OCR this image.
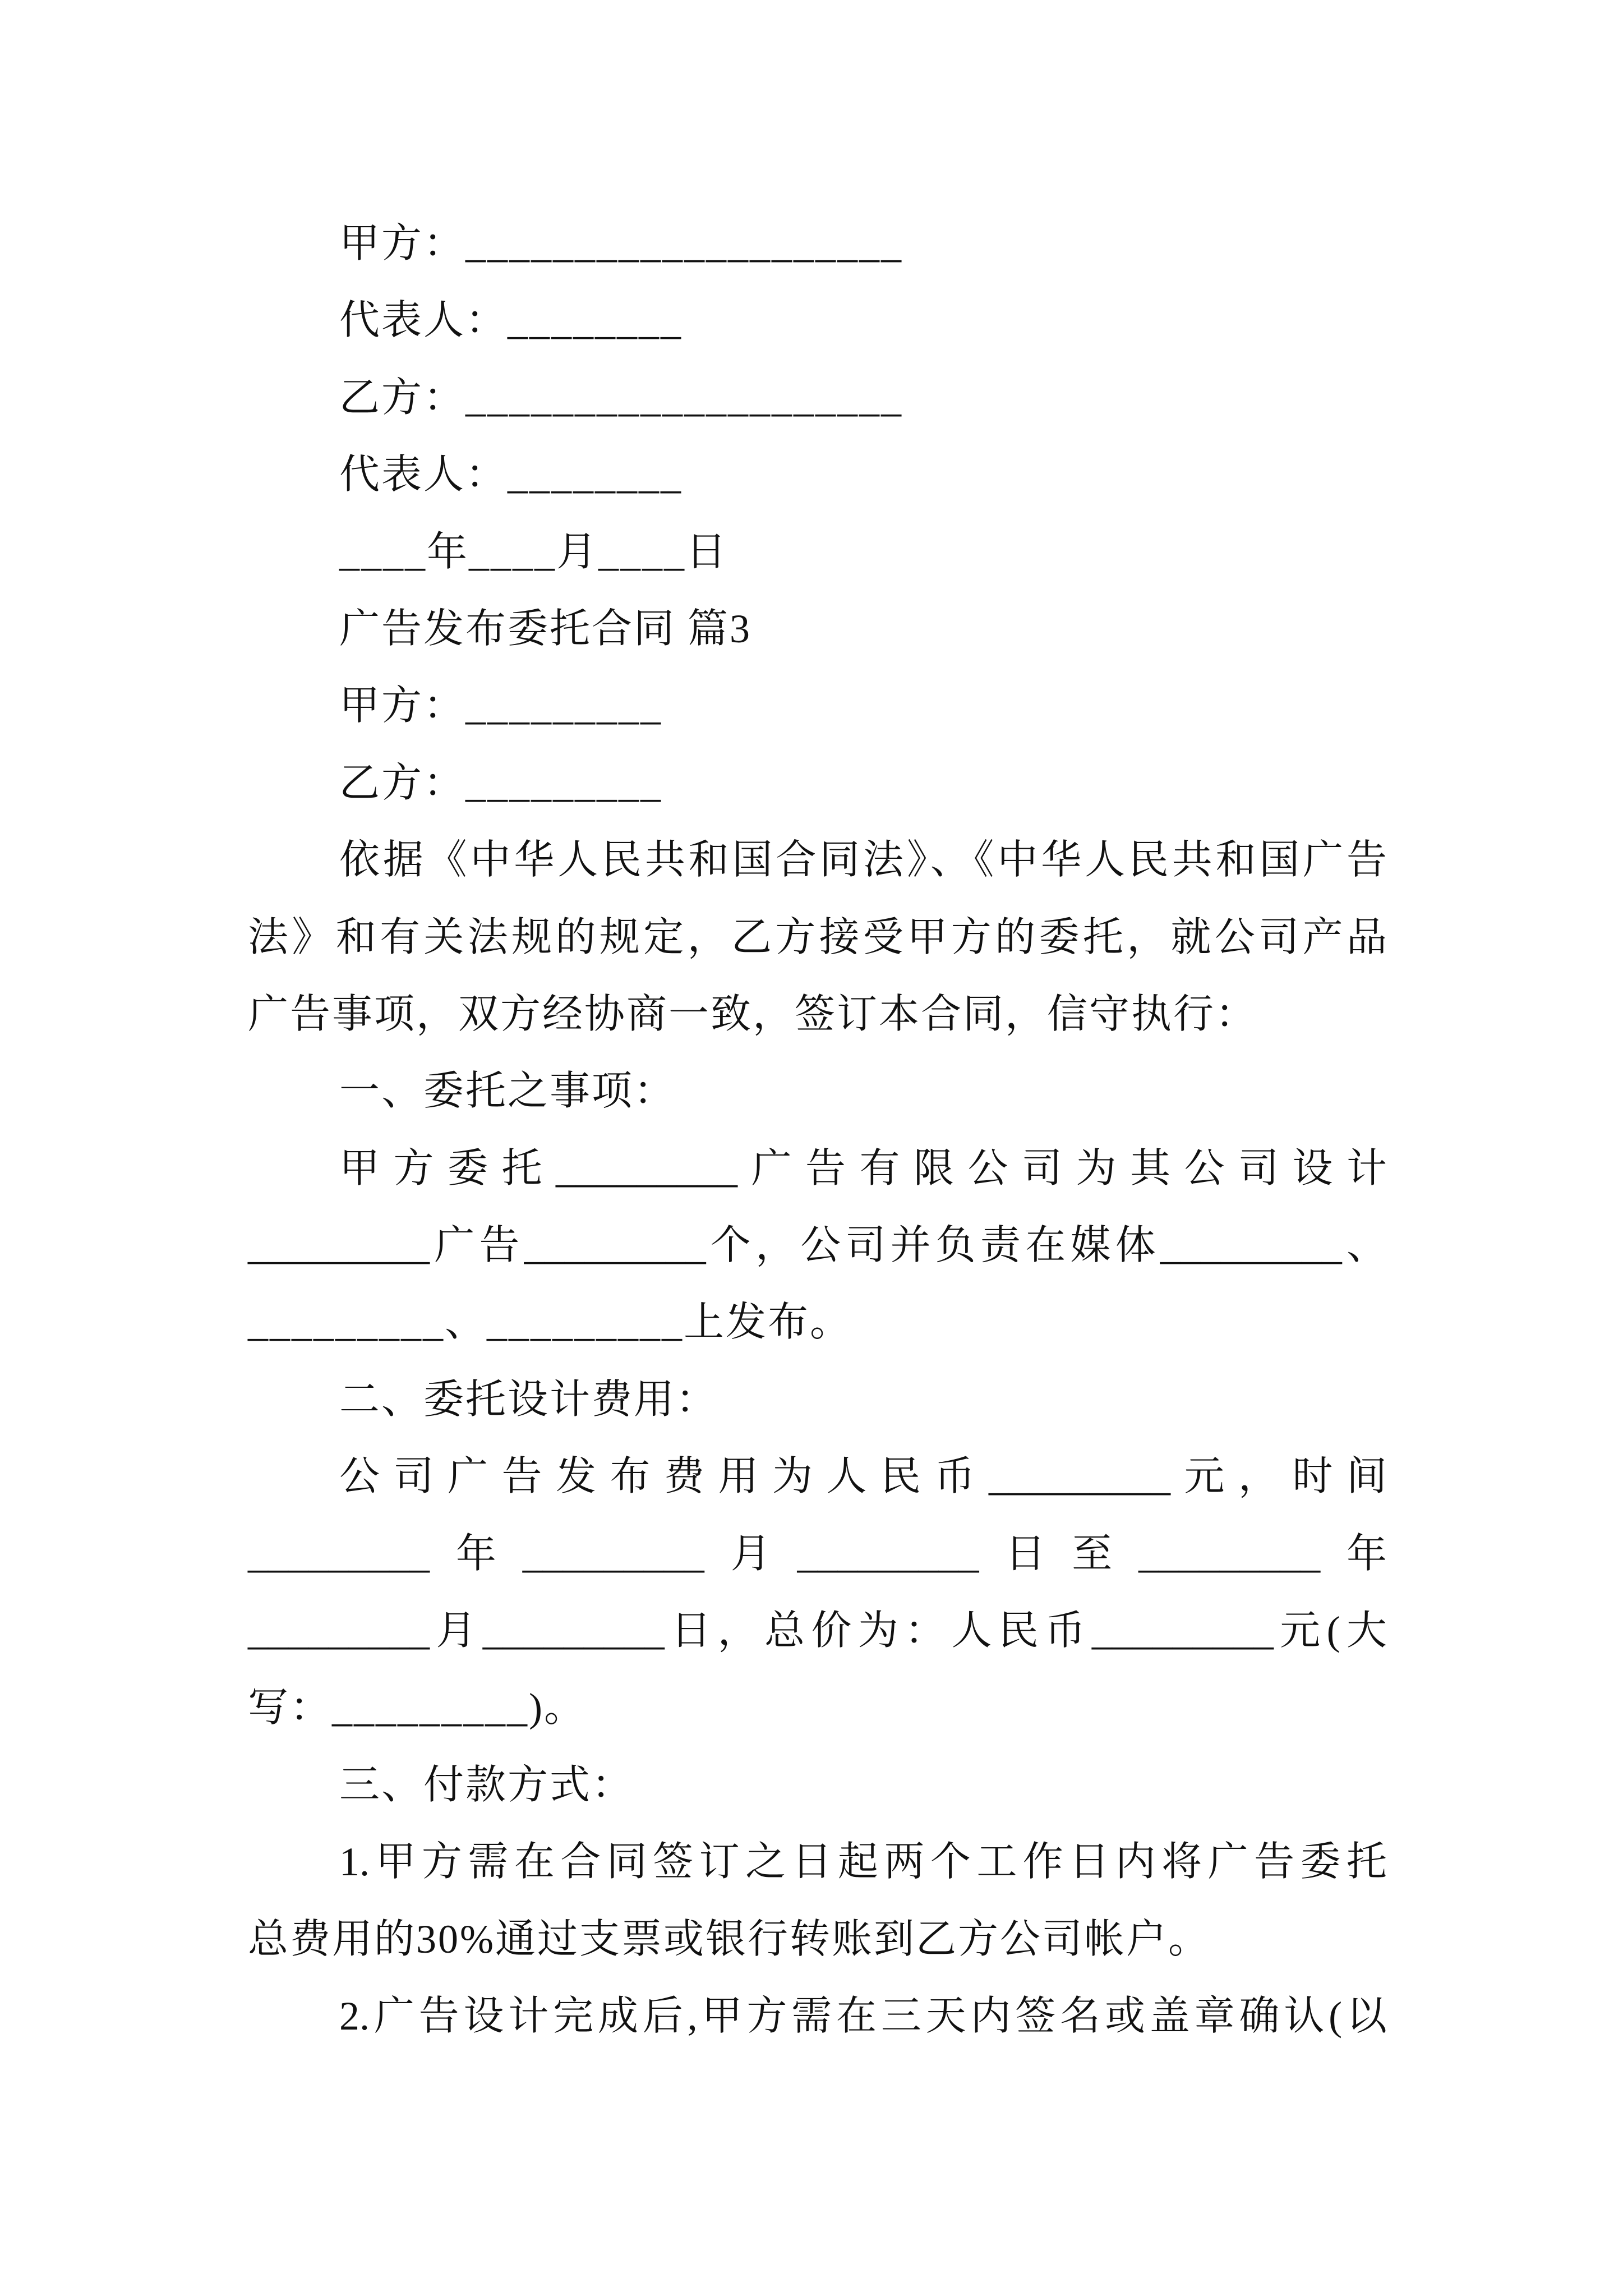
甲方：____________________
代表人：________
乙方：____________________
代表人：________
____年____月____日
广告发布委托合同 篇3
甲方：_________
乙方：_________
依据《中华人民共和国合同法》、《中华人民共和国广告
法》和有关法规的规定，乙方接受甲方的委托，就公司产品
广告事项，双方经协商一致，签订本合同，信守执行：
一、委托之事项：
甲方委托_________广告有限公司为其公司设计
_________广告_________个，公司并负责在媒体_________、
_________、_________上发布。
二、委托设计费用：
公司广告发布费用为人民币_________元，时间
_________年_________月_________日至_________年
_________月_________日，总价为：人民币_________元(大
写：_________)。
三、付款方式：
1.甲方需在合同签订之日起两个工作日内将广告委托
总费用的30%通过支票或银行转账到乙方公司帐户。
2.广告设计完成后,甲方需在三天内签名或盖章确认(以
